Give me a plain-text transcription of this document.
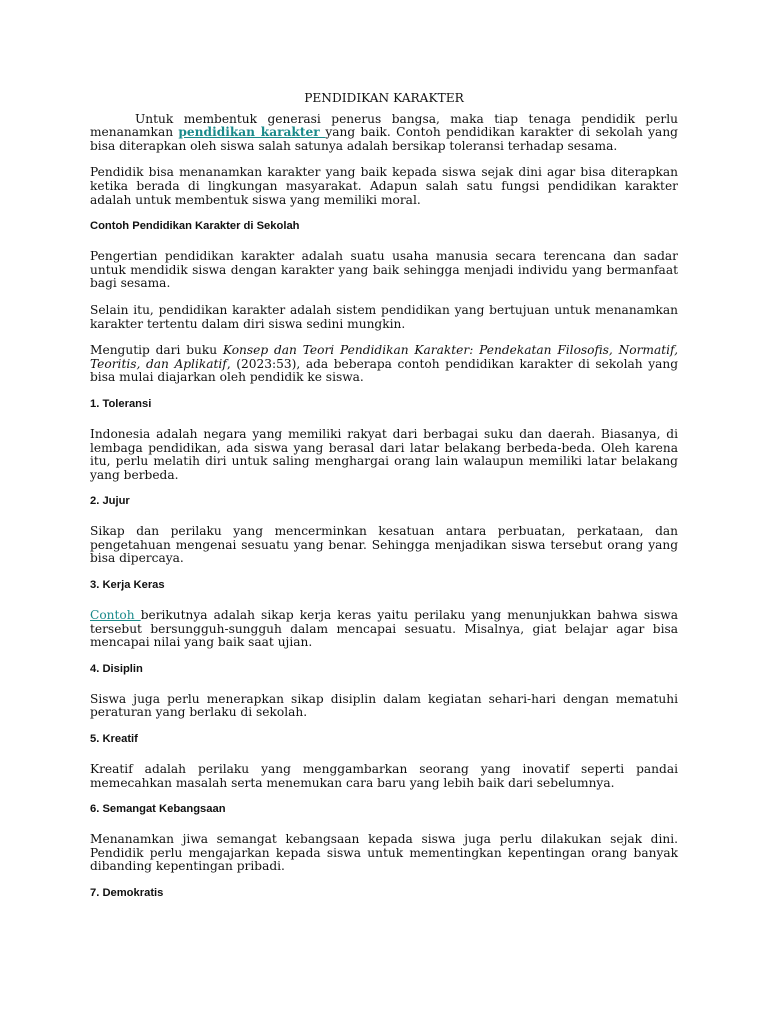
PENDIDIKAN KARAKTER

Untuk membentuk generasi penerus bangsa, maka tiap tenaga pendidik perlu menanamkan pendidikan karakter yang baik. Contoh pendidikan karakter di sekolah yang bisa diterapkan oleh siswa salah satunya adalah bersikap toleransi terhadap sesama.

Pendidik bisa menanamkan karakter yang baik kepada siswa sejak dini agar bisa diterapkan ketika berada di lingkungan masyarakat. Adapun salah satu fungsi pendidikan karakter adalah untuk membentuk siswa yang memiliki moral.

Contoh Pendidikan Karakter di Sekolah

Pengertian pendidikan karakter adalah suatu usaha manusia secara terencana dan sadar untuk mendidik siswa dengan karakter yang baik sehingga menjadi individu yang bermanfaat bagi sesama.

Selain itu, pendidikan karakter adalah sistem pendidikan yang bertujuan untuk menanamkan karakter tertentu dalam diri siswa sedini mungkin.

Mengutip dari buku Konsep dan Teori Pendidikan Karakter: Pendekatan Filosofis, Normatif, Teoritis, dan Aplikatif, (2023:53), ada beberapa contoh pendidikan karakter di sekolah yang bisa mulai diajarkan oleh pendidik ke siswa.

1. Toleransi

Indonesia adalah negara yang memiliki rakyat dari berbagai suku dan daerah. Biasanya, di lembaga pendidikan, ada siswa yang berasal dari latar belakang berbeda-beda. Oleh karena itu, perlu melatih diri untuk saling menghargai orang lain walaupun memiliki latar belakang yang berbeda.

2. Jujur

Sikap dan perilaku yang mencerminkan kesatuan antara perbuatan, perkataan, dan pengetahuan mengenai sesuatu yang benar. Sehingga menjadikan siswa tersebut orang yang bisa dipercaya.

3. Kerja Keras

Contoh berikutnya adalah sikap kerja keras yaitu perilaku yang menunjukkan bahwa siswa tersebut bersungguh-sungguh dalam mencapai sesuatu. Misalnya, giat belajar agar bisa mencapai nilai yang baik saat ujian.

4. Disiplin

Siswa juga perlu menerapkan sikap disiplin dalam kegiatan sehari-hari dengan mematuhi peraturan yang berlaku di sekolah.

5. Kreatif

Kreatif adalah perilaku yang menggambarkan seorang yang inovatif seperti pandai memecahkan masalah serta menemukan cara baru yang lebih baik dari sebelumnya.

6. Semangat Kebangsaan

Menanamkan jiwa semangat kebangsaan kepada siswa juga perlu dilakukan sejak dini. Pendidik perlu mengajarkan kepada siswa untuk mementingkan kepentingan orang banyak dibanding kepentingan pribadi.

7. Demokratis
